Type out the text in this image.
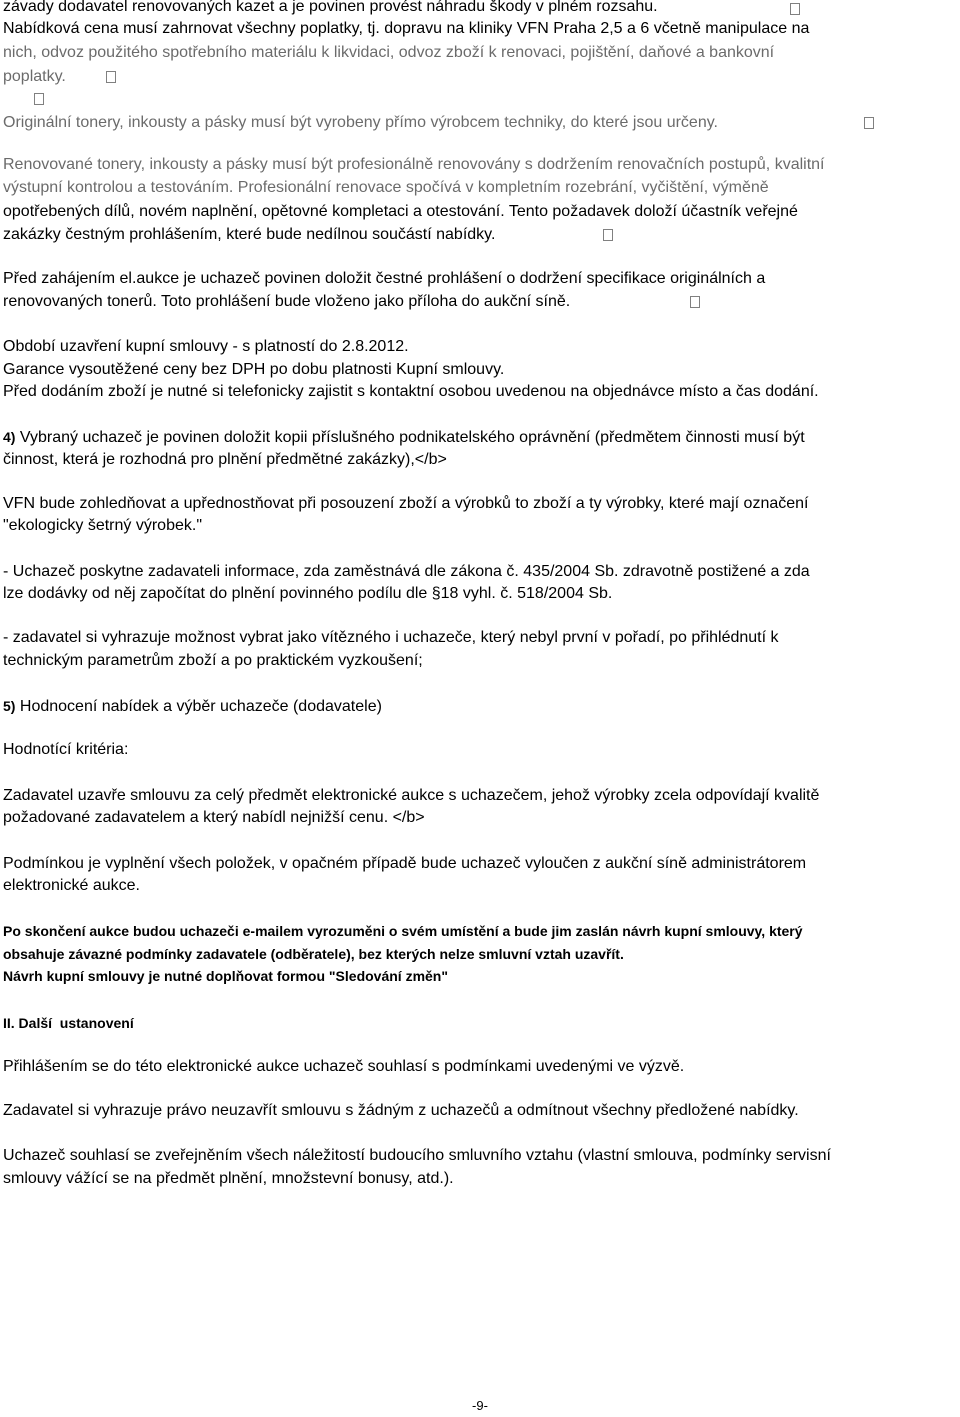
závady dodavatel renovovaných kazet a je povinen provést náhradu škody v plném rozsahu.
Nabídková cena musí zahrnovat všechny poplatky, tj. dopravu na kliniky VFN Praha 2,5 a 6 včetně manipulace na
nich, odvoz použitého spotřebního materiálu k likvidaci, odvoz zboží k renovaci, pojištění, daňové a bankovní
poplatky.
Originální tonery, inkousty a pásky musí být vyrobeny přímo výrobcem techniky, do které jsou určeny.
Renovované tonery, inkousty a pásky musí být profesionálně renovovány s dodržením renovačních postupů, kvalitní
výstupní kontrolou a testováním. Profesionální renovace spočívá v kompletním rozebrání, vyčištění, výměně
opotřebených dílů, novém naplnění, opětovné kompletaci a otestování. Tento požadavek doloží účastník veřejné
zakázky čestným prohlášením, které bude nedílnou součástí nabídky.
Před zahájením el.aukce je uchazeč povinen doložit čestné prohlášení o dodržení specifikace originálních a
renovovaných tonerů. Toto prohlášení bude vloženo jako příloha do aukční síně.
Období uzavření kupní smlouvy - s platností do 2.8.2012.
Garance vysoutěžené ceny bez DPH po dobu platnosti Kupní smlouvy.
Před dodáním zboží je nutné si telefonicky zajistit s kontaktní osobou uvedenou na objednávce místo a čas dodání.
4) Vybraný uchazeč je povinen doložit kopii příslušného podnikatelského oprávnění (předmětem činnosti musí být
činnost, která je rozhodná pro plnění předmětné zakázky),</b>
VFN bude zohledňovat a upřednostňovat při posouzení zboží a výrobků to zboží a ty výrobky, které mají označení
"ekologicky šetrný výrobek."
- Uchazeč poskytne zadavateli informace, zda zaměstnává dle zákona č. 435/2004 Sb. zdravotně postižené a zda
lze dodávky od něj započítat do plnění povinného podílu dle §18 vyhl. č. 518/2004 Sb.
- zadavatel si vyhrazuje možnost vybrat jako vítězného i uchazeče, který nebyl první v pořadí, po přihlédnutí k
technickým parametrům zboží a po praktickém vyzkoušení;
5) Hodnocení nabídek a výběr uchazeče (dodavatele)
Hodnotící kritéria:
Zadavatel uzavře smlouvu za celý předmět elektronické aukce s uchazečem, jehož výrobky zcela odpovídají kvalitě
požadované zadavatelem a který nabídl nejnižší cenu. </b>
Podmínkou je vyplnění všech položek, v opačném případě bude uchazeč vyloučen z aukční síně administrátorem
elektronické aukce.
Po skončení aukce budou uchazeči e-mailem vyrozuměni o svém umístění a bude jim zaslán návrh kupní smlouvy, který
obsahuje závazné podmínky zadavatele (odběratele), bez kterých nelze smluvní vztah uzavřít.
Návrh kupní smlouvy je nutné doplňovat formou "Sledování změn"
II. Další  ustanovení
Přihlášením se do této elektronické aukce uchazeč souhlasí s podmínkami uvedenými ve výzvě.
Zadavatel si vyhrazuje právo neuzavřít smlouvu s žádným z uchazečů a odmítnout všechny předložené nabídky.
Uchazeč souhlasí se zveřejněním všech náležitostí budoucího smluvního vztahu (vlastní smlouva, podmínky servisní
smlouvy vážící se na předmět plnění, množstevní bonusy, atd.).
-9-
